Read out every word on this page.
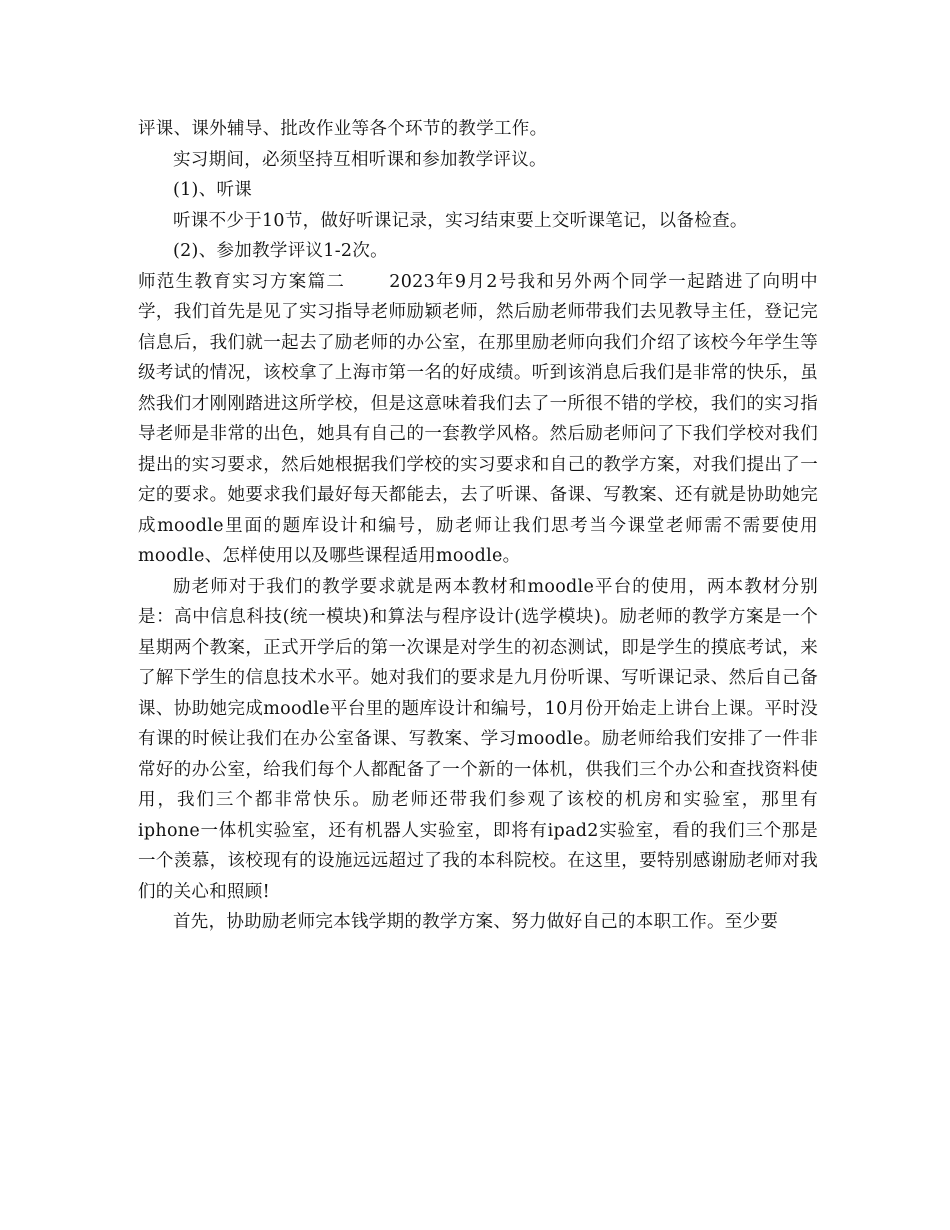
评课、课外辅导、批改作业等各个环节的教学工作。

实习期间，必须坚持互相听课和参加教学评议。

(1)、听课

听课不少于10节，做好听课记录，实习结束要上交听课笔记，以备检查。

(2)、参加教学评议1-2次。

师范生教育实习方案篇二	2023年9月2号我和另外两个同学一起踏进了向明中学，我们首先是见了实习指导老师励颖老师，然后励老师带我们去见教导主任，登记完信息后，我们就一起去了励老师的办公室，在那里励老师向我们介绍了该校今年学生等级考试的情况，该校拿了上海市第一名的好成绩。听到该消息后我们是非常的快乐，虽然我们才刚刚踏进这所学校，但是这意味着我们去了一所很不错的学校，我们的实习指导老师是非常的出色，她具有自己的一套教学风格。然后励老师问了下我们学校对我们提出的实习要求，然后她根据我们学校的实习要求和自己的教学方案，对我们提出了一定的要求。她要求我们最好每天都能去，去了听课、备课、写教案、还有就是协助她完成moodle里面的题库设计和编号，励老师让我们思考当今课堂老师需不需要使用moodle、怎样使用以及哪些课程适用moodle。

励老师对于我们的教学要求就是两本教材和moodle平台的使用，两本教材分别是：高中信息科技(统一模块)和算法与程序设计(选学模块)。励老师的教学方案是一个星期两个教案，正式开学后的第一次课是对学生的初态测试，即是学生的摸底考试，来了解下学生的信息技术水平。她对我们的要求是九月份听课、写听课记录、然后自己备课、协助她完成moodle平台里的题库设计和编号，10月份开始走上讲台上课。平时没有课的时候让我们在办公室备课、写教案、学习moodle。励老师给我们安排了一件非常好的办公室，给我们每个人都配备了一个新的一体机，供我们三个办公和查找资料使用，我们三个都非常快乐。励老师还带我们参观了该校的机房和实验室，那里有iphone一体机实验室，还有机器人实验室，即将有ipad2实验室，看的我们三个那是一个羡慕，该校现有的设施远远超过了我的本科院校。在这里，要特别感谢励老师对我们的关心和照顾!

首先，协助励老师完本钱学期的教学方案、努力做好自己的本职工作。至少要
